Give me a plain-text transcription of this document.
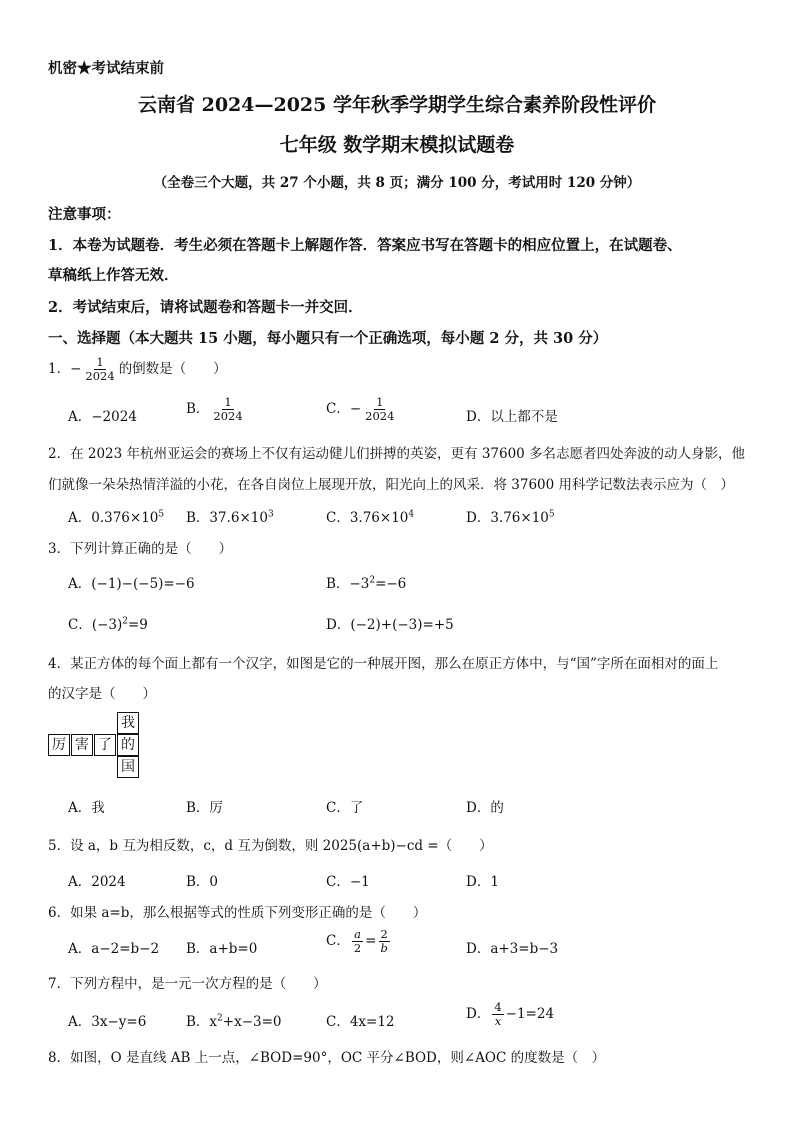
机密★考试结束前
云南省 2024—2025 学年秋季学期学生综合素养阶段性评价
七年级 数学期末模拟试题卷
（全卷三个大题，共 27 个小题，共 8 页；满分 100 分，考试用时 120 分钟）
注意事项：
1．本卷为试题卷．考生必须在答题卡上解题作答．答案应书写在答题卡的相应位置上，在试题卷、
草稿纸上作答无效．
2．考试结束后，请将试题卷和答题卡一并交回．
一、选择题（本大题共 15 小题，每小题只有一个正确选项，每小题 2 分，共 30 分）
1．− $\frac{1}{2024}$ 的倒数是（　　）
A．−2024	B． $\frac{1}{2024}$	C．− $\frac{1}{2024}$	D．以上都不是
2．在 2023 年杭州亚运会的赛场上不仅有运动健儿们拼搏的英姿，更有 37600 多名志愿者四处奔波的动人身影，他
们就像一朵朵热情洋溢的小花，在各自岗位上展现开放，阳光向上的风采．将 37600 用科学记数法表示应为（　）
A．$0.376\times 10^5$ B．$37.6\times 10^3$	C．$3.76\times 10^4$	D．$3.76\times 10^5$
3．下列计算正确的是（　　）
A．(−1)−(−5)=−6	B．$-3^2=-6$
C．$(-3)^2=9$	D．(−2)+(−3)=+5
4．某正方体的每个面上都有一个汉字，如图是它的一种展开图，那么在原正方体中，与“国”字所在面相对的面上
的汉字是（　　）
我
厉 害 了 的
国
A．我	B．厉	C．了	D．的
5．设 a，b 互为相反数，c，d 互为倒数，则 2025(a+b)−cd =（　　）
A．2024	B．0	C．−1	D．1
6．如果 a=b，那么根据等式的性质下列变形正确的是（　　）
A．a−2=b−2 B．a+b=0	C． $\frac{a}{2} = \frac{2}{b}$	D．a+3=b−3
7．下列方程中，是一元一次方程的是（　　）
A．3x−y=6	B．$x^2+x-3=0$	C．4x=12	D． $\frac{4}{x} -1=24$
8．如图，O 是直线 AB 上一点，∠BOD=90°，OC 平分∠BOD，则∠AOC 的度数是（　）
